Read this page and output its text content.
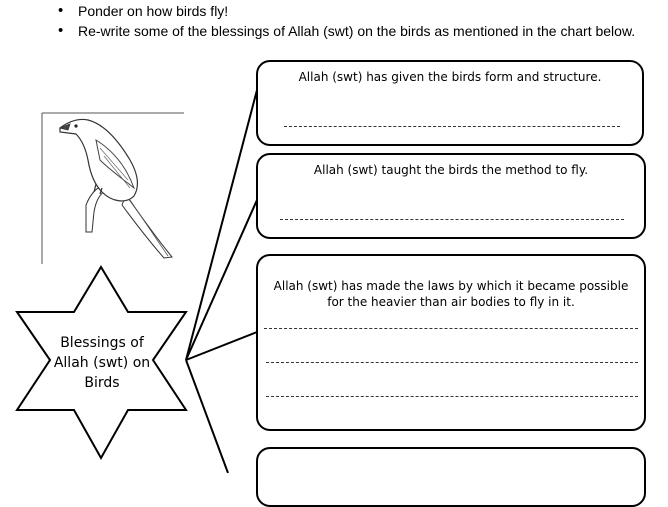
• Ponder on how birds fly!
• Re-write some of the blessings of Allah (swt) on the birds as mentioned in the chart below.
Blessings of Allah (swt) on Birds
Allah (swt) has given the birds form and structure.
Allah (swt) taught the birds the method to fly.
Allah (swt) has made the laws by which it became possible for the heavier than air bodies to fly in it.
